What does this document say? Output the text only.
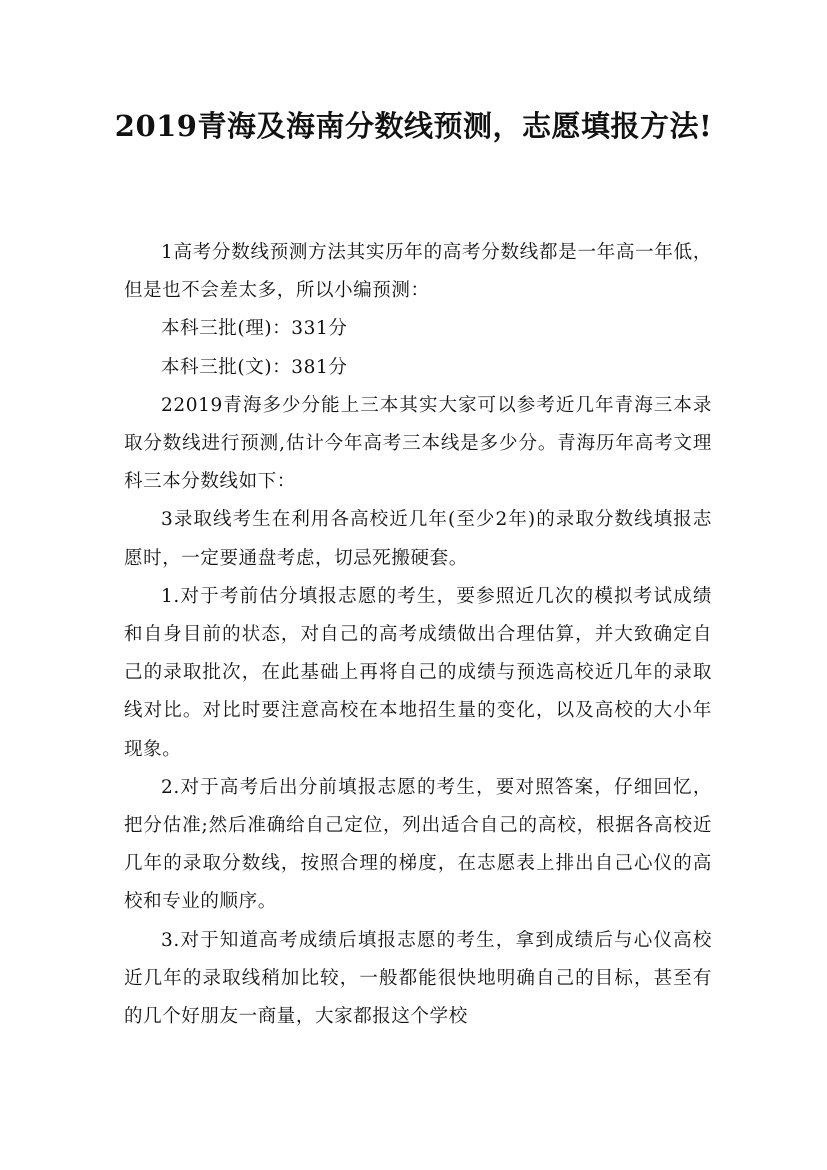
2019青海及海南分数线预测，志愿填报方法!

1高考分数线预测方法其实历年的高考分数线都是一年高一年低，但是也不会差太多，所以小编预测：

本科三批(理)：331分

本科三批(文)：381分

22019青海多少分能上三本其实大家可以参考近几年青海三本录取分数线进行预测,估计今年高考三本线是多少分。青海历年高考文理科三本分数线如下：

3录取线考生在利用各高校近几年(至少2年)的录取分数线填报志愿时，一定要通盘考虑，切忌死搬硬套。

1.对于考前估分填报志愿的考生，要参照近几次的模拟考试成绩和自身目前的状态，对自己的高考成绩做出合理估算，并大致确定自己的录取批次，在此基础上再将自己的成绩与预选高校近几年的录取线对比。对比时要注意高校在本地招生量的变化，以及高校的大小年现象。

2.对于高考后出分前填报志愿的考生，要对照答案，仔细回忆，把分估准;然后准确给自己定位，列出适合自己的高校，根据各高校近几年的录取分数线，按照合理的梯度，在志愿表上排出自己心仪的高校和专业的顺序。

3.对于知道高考成绩后填报志愿的考生，拿到成绩后与心仪高校近几年的录取线稍加比较，一般都能很快地明确自己的目标，甚至有的几个好朋友一商量，大家都报这个学校
